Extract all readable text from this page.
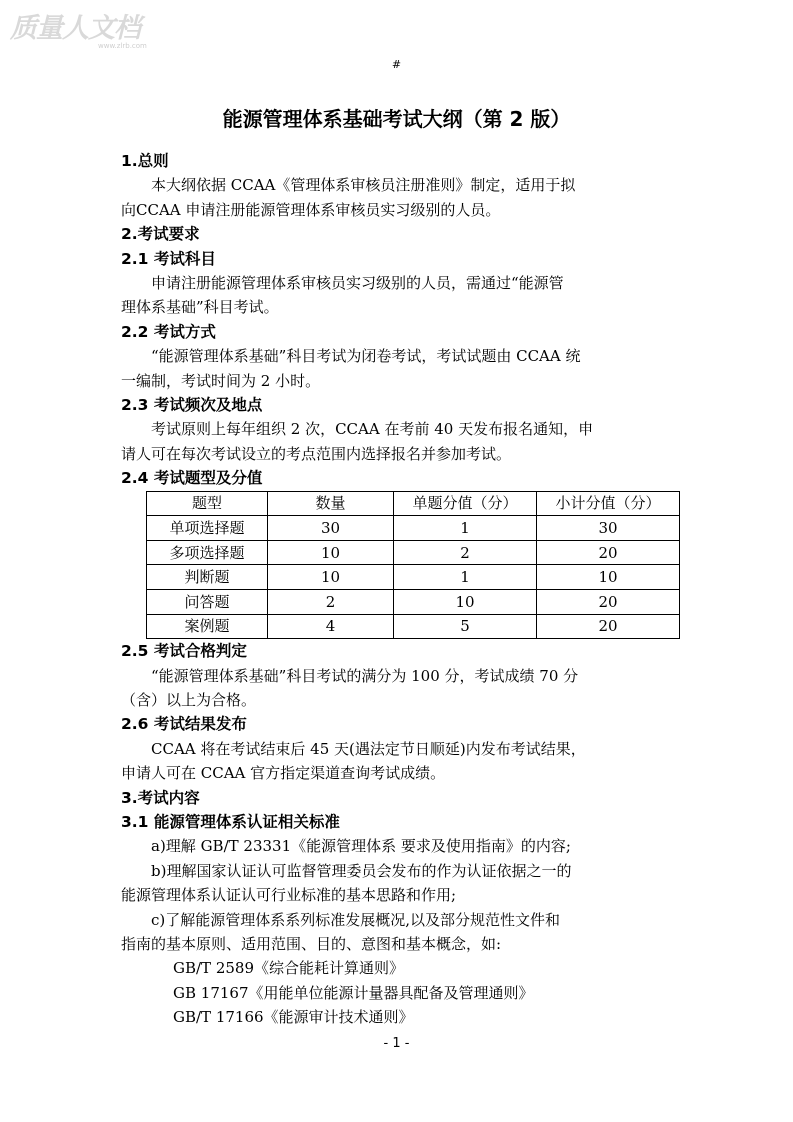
质量人文档
www.zlrb.com
#
能源管理体系基础考试大纲（第 2 版）
1.总则
本大纲依据 CCAA《管理体系审核员注册准则》制定，适用于拟
向CCAA 申请注册能源管理体系审核员实习级别的人员。
2.考试要求
2.1 考试科目
申请注册能源管理体系审核员实习级别的人员，需通过“能源管
理体系基础”科目考试。
2.2 考试方式
“能源管理体系基础”科目考试为闭卷考试，考试试题由 CCAA 统
一编制，考试时间为 2 小时。
2.3 考试频次及地点
考试原则上每年组织 2 次，CCAA 在考前 40 天发布报名通知，申
请人可在每次考试设立的考点范围内选择报名并参加考试。
2.4 考试题型及分值
题型	数量	单题分值（分）	小计分值（分）
单项选择题	30	1	30
多项选择题	10	2	20
判断题	10	1	10
问答题	2	10	20
案例题	4	5	20
2.5 考试合格判定
“能源管理体系基础”科目考试的满分为 100 分，考试成绩 70 分
（含）以上为合格。
2.6 考试结果发布
CCAA 将在考试结束后 45 天(遇法定节日顺延)内发布考试结果，
申请人可在 CCAA 官方指定渠道查询考试成绩。
3.考试内容
3.1 能源管理体系认证相关标准
a)理解 GB/T 23331《能源管理体系 要求及使用指南》的内容;
b)理解国家认证认可监督管理委员会发布的作为认证依据之一的
能源管理体系认证认可行业标准的基本思路和作用;
c)了解能源管理体系系列标准发展概况,以及部分规范性文件和
指南的基本原则、适用范围、目的、意图和基本概念，如:
GB/T 2589《综合能耗计算通则》
GB 17167《用能单位能源计量器具配备及管理通则》
GB/T 17166《能源审计技术通则》
- 1 -
